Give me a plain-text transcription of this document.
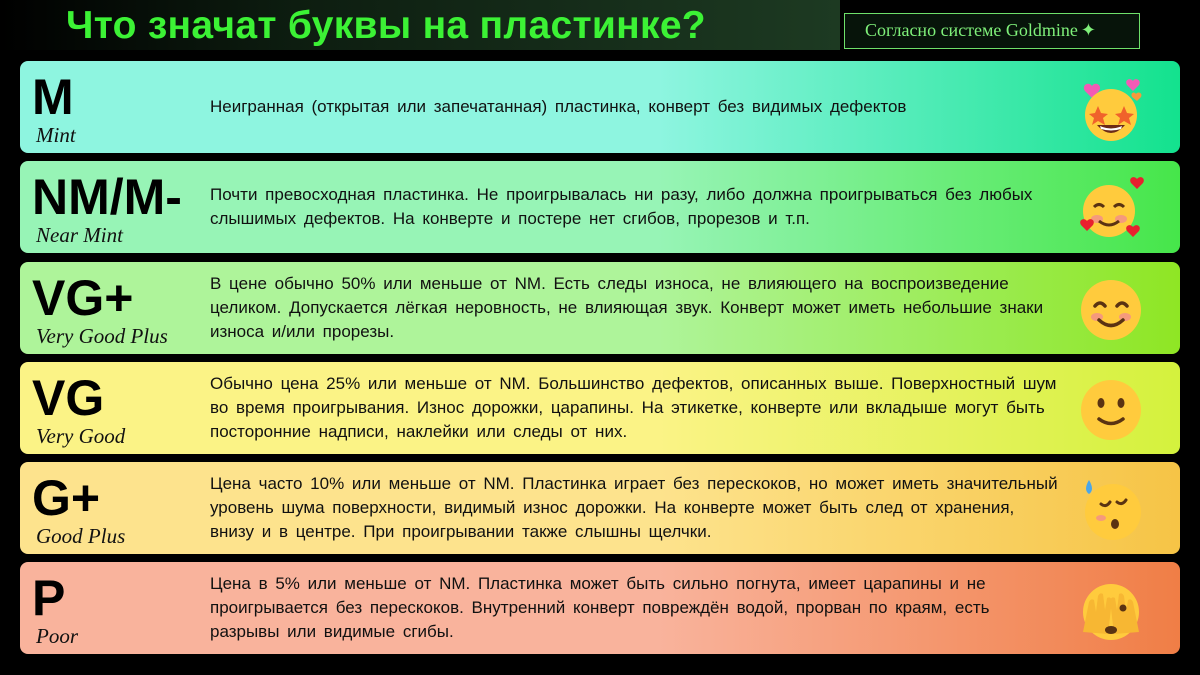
Что значат буквы на пластинке?	Согласно системе Goldmine ✦
M
Mint
Неигранная (открытая или запечатанная) пластинка, конверт без видимых дефектов
NM/M-
Near Mint
Почти превосходная пластинка. Не проигрывалась ни разу, либо должна проигрываться без любых слышимых дефектов. На конверте и постере нет сгибов, прорезов и т.п.
VG+
Very Good Plus
В цене обычно 50% или меньше от NM. Есть следы износа, не влияющего на воспроизведение целиком. Допускается лёгкая неровность, не влияющая звук. Конверт может иметь небольшие знаки износа и/или прорезы.
VG
Very Good
Обычно цена 25% или меньше от NM. Большинство дефектов, описанных выше. Поверхностный шум во время проигрывания. Износ дорожки, царапины. На этикетке, конверте или вкладыше могут быть посторонние надписи, наклейки или следы от них.
G+
Good Plus
Цена часто 10% или меньше от NM. Пластинка играет без перескоков, но может иметь значительный уровень шума поверхности, видимый износ дорожки. На конверте может быть след от хранения, внизу и в центре. При проигрывании также слышны щелчки.
P
Poor
Цена в 5% или меньше от NM. Пластинка может быть сильно погнута, имеет царапины и не проигрывается без перескоков. Внутренний конверт повреждён водой, прорван по краям, есть разрывы или видимые сгибы.
